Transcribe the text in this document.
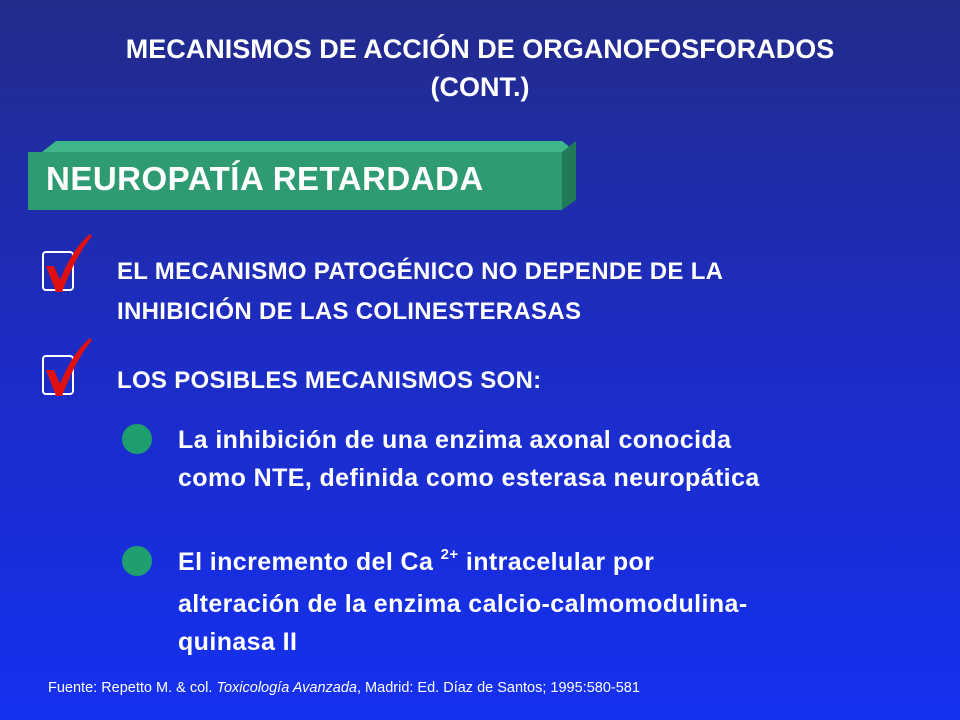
MECANISMOS DE ACCIÓN DE ORGANOFOSFORADOS
(CONT.)
NEUROPATÍA RETARDADA
EL MECANISMO PATOGÉNICO NO DEPENDE DE LA
INHIBICIÓN DE LAS COLINESTERASAS
LOS POSIBLES MECANISMOS SON:
La inhibición de una enzima axonal conocida
como NTE, definida como esterasa neuropática
El incremento del Ca $^{2+}$ intracelular por
alteración de la enzima calcio-calmomodulina-
quinasa II
Fuente: Repetto M. & col. Toxicología Avanzada, Madrid: Ed. Díaz de Santos; 1995:580-581
